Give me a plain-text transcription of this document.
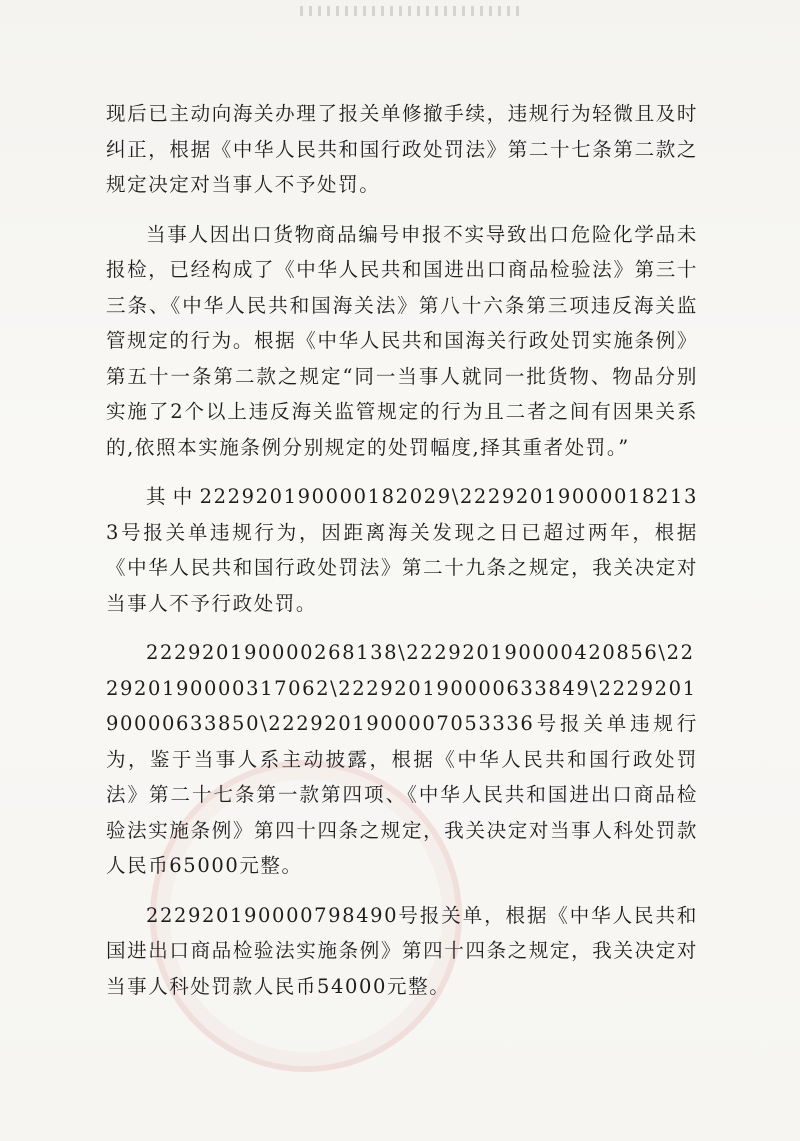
现后已主动向海关办理了报关单修撤手续，违规行为轻微且及时纠正，根据《中华人民共和国行政处罚法》第二十七条第二款之规定决定对当事人不予处罚。

当事人因出口货物商品编号申报不实导致出口危险化学品未报检，已经构成了《中华人民共和国进出口商品检验法》第三十三条、《中华人民共和国海关法》第八十六条第三项违反海关监管规定的行为。根据《中华人民共和国海关行政处罚实施条例》第五十一条第二款之规定“同一当事人就同一批货物、物品分别实施了2个以上违反海关监管规定的行为且二者之间有因果关系的,依照本实施条例分别规定的处罚幅度,择其重者处罚。”

其中222920190000182029\222920190000182133号报关单违规行为，因距离海关发现之日已超过两年，根据《中华人民共和国行政处罚法》第二十九条之规定，我关决定对当事人不予行政处罚。

222920190000268138\222920190000420856\222920190000317062\222920190000633849\222920190000633850\2229201900007053336号报关单违规行为，鉴于当事人系主动披露，根据《中华人民共和国行政处罚法》第二十七条第一款第四项、《中华人民共和国进出口商品检验法实施条例》第四十四条之规定，我关决定对当事人科处罚款人民币65000元整。

222920190000798490号报关单，根据《中华人民共和国进出口商品检验法实施条例》第四十四条之规定，我关决定对当事人科处罚款人民币54000元整。
